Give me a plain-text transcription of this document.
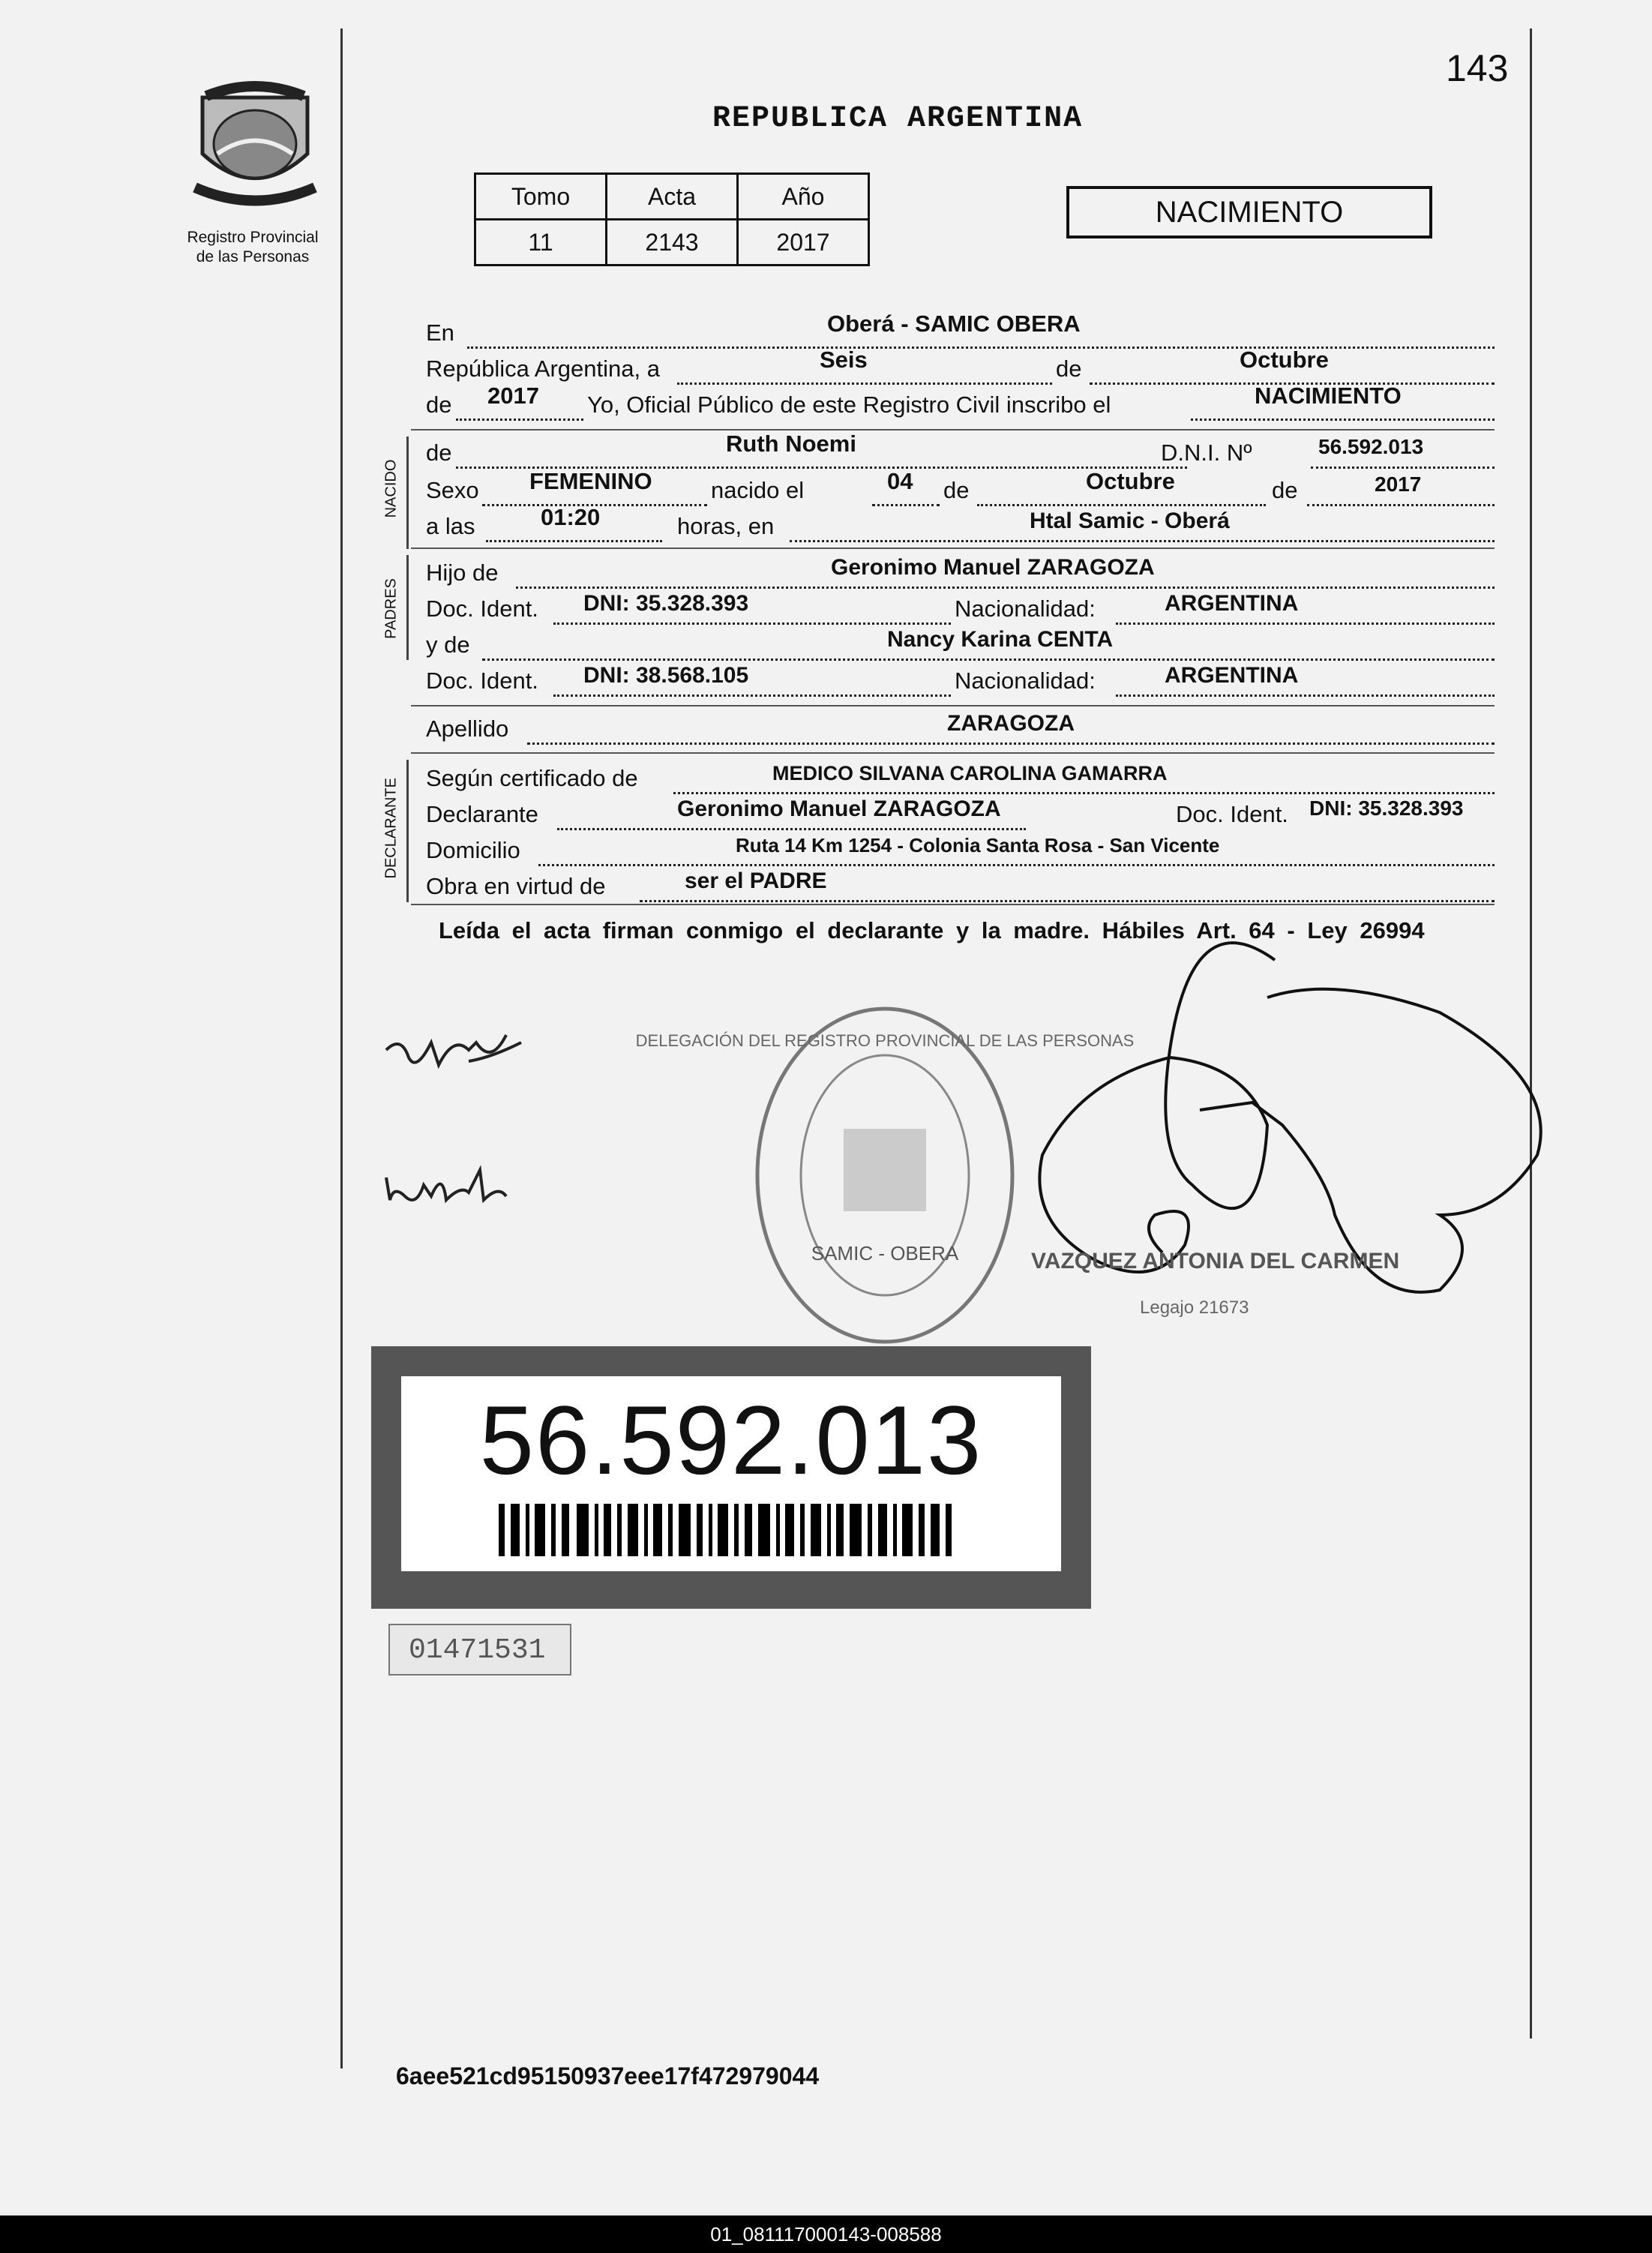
Registro Provincial
de las Personas
143
REPUBLICA ARGENTINA
Tomo	Acta	Año
11	2143	2017
NACIMIENTO
En	Oberá - SAMIC OBERA
República Argentina, a	Seis	de	Octubre
de 2017 Yo, Oficial Público de este Registro Civil inscribo el	NACIMIENTO
NACIDO
de	Ruth Noemi	D.N.I. Nº	56.592.013
Sexo FEMENINO	nacido el	04 de	Octubre	de	2017
a las	01:20	horas, en	Htal Samic - Oberá
PADRES
Hijo de	Geronimo Manuel ZARAGOZA
Doc. Ident. DNI: 35.328.393	Nacionalidad:	ARGENTINA
y de	Nancy Karina CENTA
Doc. Ident. DNI: 38.568.105	Nacionalidad:	ARGENTINA
Apellido	ZARAGOZA
DECLARANTE Según certificado de	MEDICO SILVANA CAROLINA GAMARRA
Declarante	Geronimo Manuel ZARAGOZA	Doc. Ident. DNI: 35.328.393
Domicilio	Ruta 14 Km 1254 - Colonia Santa Rosa - San Vicente
Obra en virtud de	ser el PADRE
Leída el acta firman conmigo el declarante y la madre. Hábiles Art. 64 - Ley 26994
DELEGACIÓN DEL REGISTRO PROVINCIAL DE LAS PERSONAS
SAMIC - OBERA	VAZQUEZ ANTONIA DEL CARMEN
Legajo 21673
56.592.013
01471531
6aee521cd95150937eee17f472979044
01_081117000143-008588
